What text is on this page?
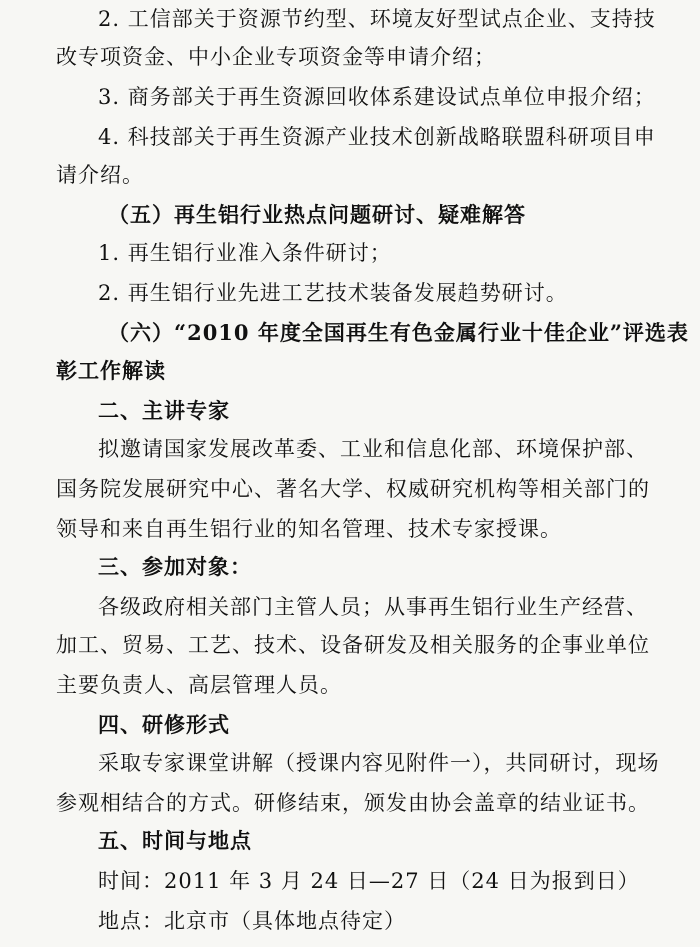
2. 工信部关于资源节约型、环境友好型试点企业、支持技
改专项资金、中小企业专项资金等申请介绍；
3. 商务部关于再生资源回收体系建设试点单位申报介绍；
4. 科技部关于再生资源产业技术创新战略联盟科研项目申
请介绍。
（五）再生铝行业热点问题研讨、疑难解答
1. 再生铝行业准入条件研讨；
2. 再生铝行业先进工艺技术装备发展趋势研讨。
（六）“2010 年度全国再生有色金属行业十佳企业”评选表
彰工作解读
二、主讲专家
拟邀请国家发展改革委、工业和信息化部、环境保护部、
国务院发展研究中心、著名大学、权威研究机构等相关部门的
领导和来自再生铝行业的知名管理、技术专家授课。
三、参加对象：
各级政府相关部门主管人员；从事再生铝行业生产经营、
加工、贸易、工艺、技术、设备研发及相关服务的企事业单位
主要负责人、高层管理人员。
四、研修形式
采取专家课堂讲解（授课内容见附件一），共同研讨，现场
参观相结合的方式。研修结束，颁发由协会盖章的结业证书。
五、时间与地点
时间：2011 年 3 月 24 日—27 日（24 日为报到日）
地点：北京市（具体地点待定）
